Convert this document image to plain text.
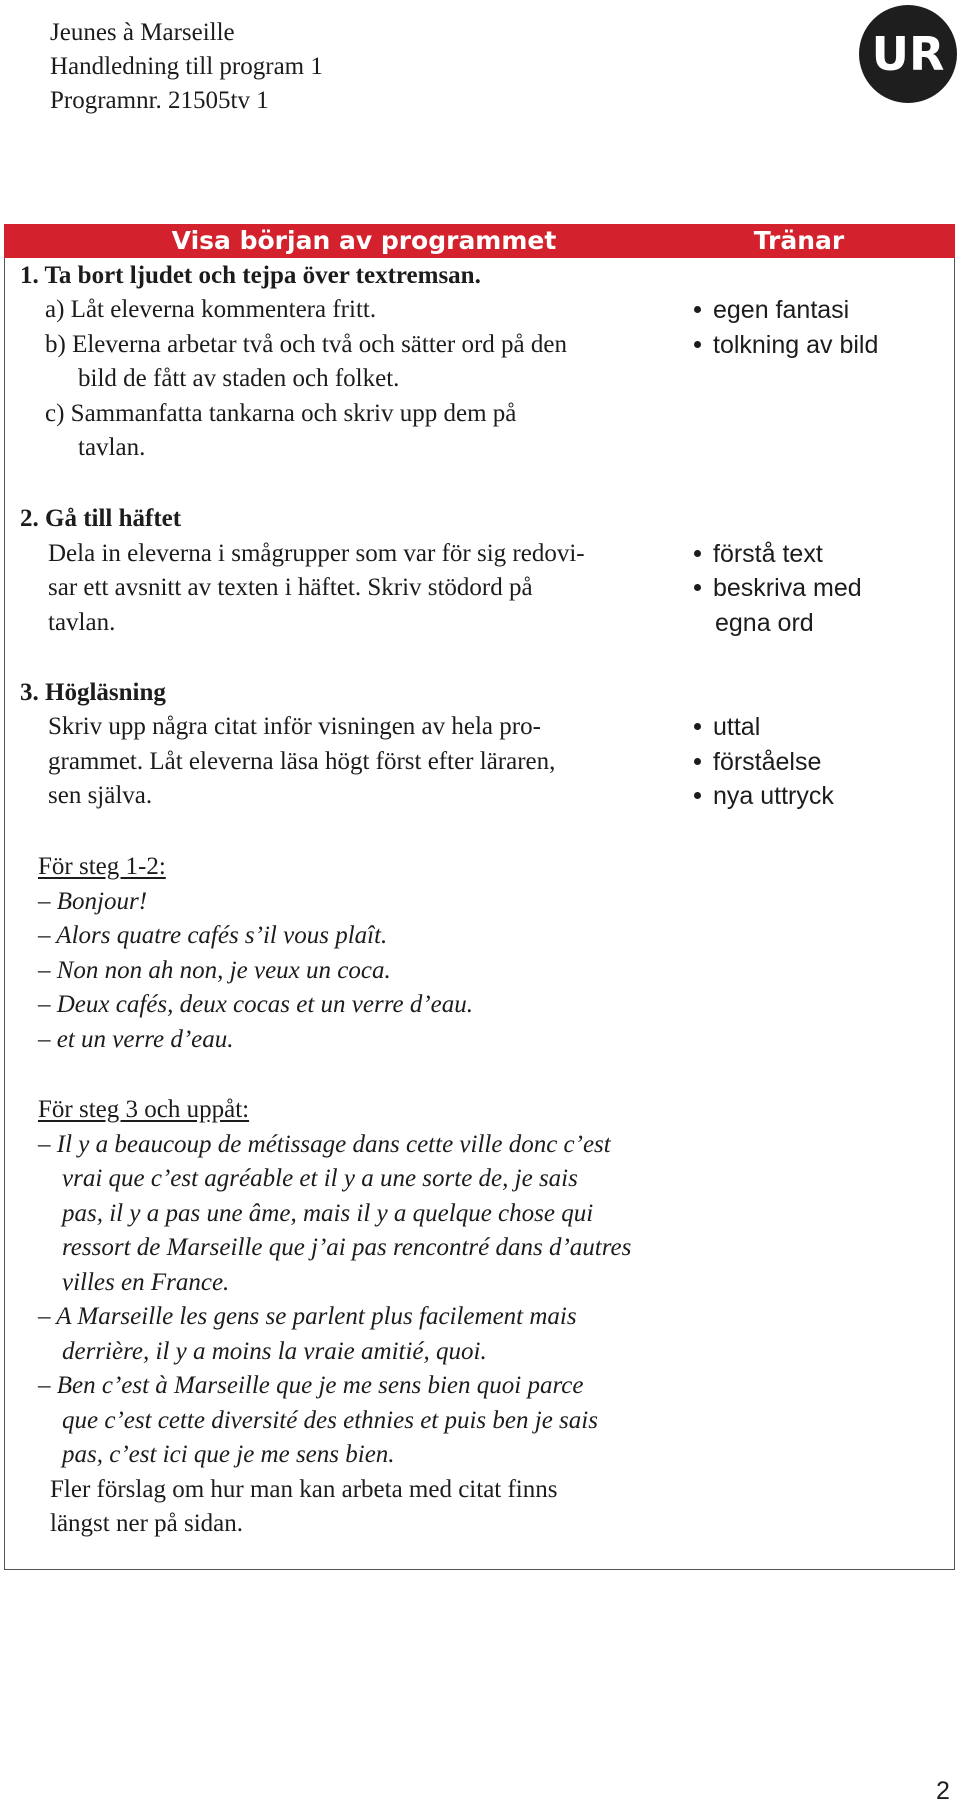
Jeunes à Marseille
Handledning till program 1
Programnr. 21505tv 1
UR
Visa början av programmet	Tränar
1. Ta bort ljudet och tejpa över textremsan.
a) Låt eleverna kommentera fritt.
b) Eleverna arbetar två och två och sätter ord på den
bild de fått av staden och folket.
c) Sammanfatta tankarna och skriv upp dem på
tavlan.
egen fantasi
tolkning av bild
2. Gå till häftet
Dela in eleverna i smågrupper som var för sig redovi-
sar ett avsnitt av texten i häftet. Skriv stödord på
tavlan.
förstå text
beskriva med
egna ord
3. Högläsning
Skriv upp några citat inför visningen av hela pro-
grammet. Låt eleverna läsa högt först efter läraren,
sen själva.
uttal
förståelse
nya uttryck
För steg 1-2:
– Bonjour!
– Alors quatre cafés s’il vous plaît.
– Non non ah non, je veux un coca.
– Deux cafés, deux cocas et un verre d’eau.
– et un verre d’eau.
För steg 3 och uppåt:
– Il y a beaucoup de métissage dans cette ville donc c’est
vrai que c’est agréable et il y a une sorte de, je sais
pas, il y a pas une âme, mais il y a quelque chose qui
ressort de Marseille que j’ai pas rencontré dans d’autres
villes en France.
– A Marseille les gens se parlent plus facilement mais
derrière, il y a moins la vraie amitié, quoi.
– Ben c’est à Marseille que je me sens bien quoi parce
que c’est cette diversité des ethnies et puis ben je sais
pas, c’est ici que je me sens bien.
Fler förslag om hur man kan arbeta med citat finns
längst ner på sidan.
2
